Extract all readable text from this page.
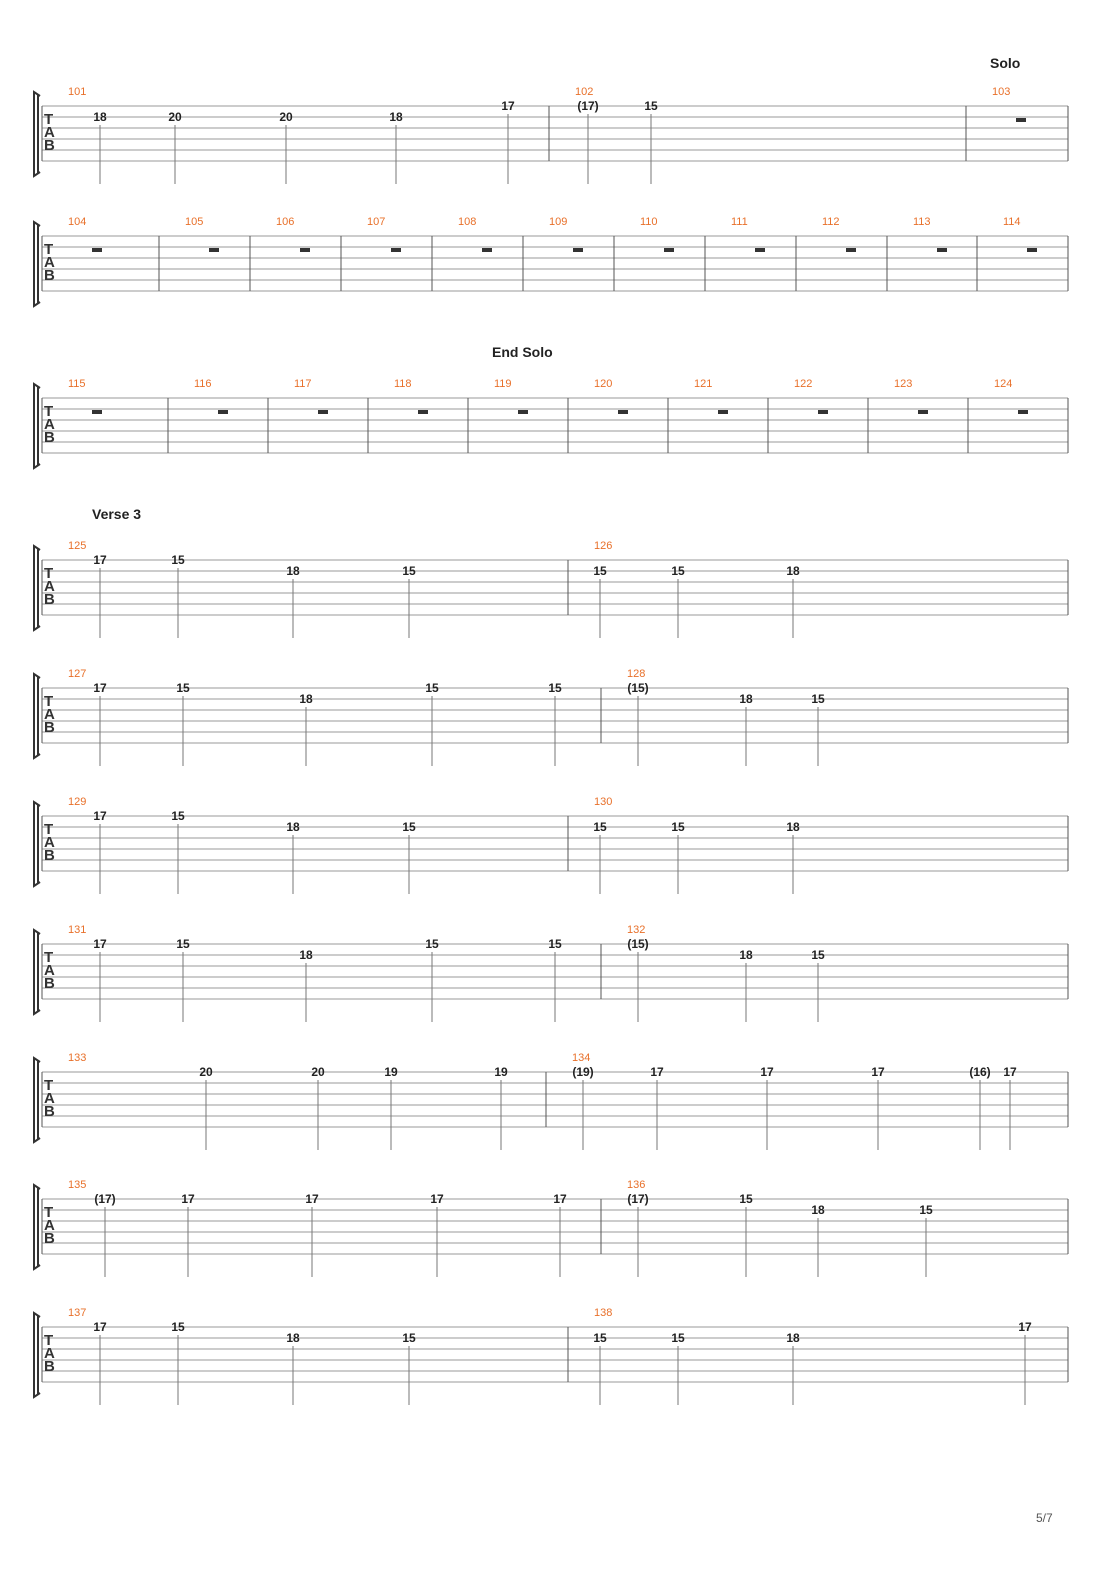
T
A
B
101
18	20	20	18
17
102
(17)	15
103
T
A
B
104	105	106	107	108	109	110	111	112	113	114
T
A
B
115	116	117	118	119	120	121	122	123	124
T
A
B
125
17	15
18	15
126
15	15	18
T
A
B
127
17	15
18
15	15
128
(15)
18	15
T
A
B
129
17	15
18	15
130
15	15	18
T
A
B
131
17	15
18
15	15
132
(15)
18	15
T
A
B
133
20	20	19	19
134
(19)	17	17	17	(16) 17
T
A
B
135
(17)	17	17	17	17
136
(17)	15
18	15
T
A
B
137
17	15
18	15
138
15	15	18
17
Solo
End Solo
Verse 3
5/7
